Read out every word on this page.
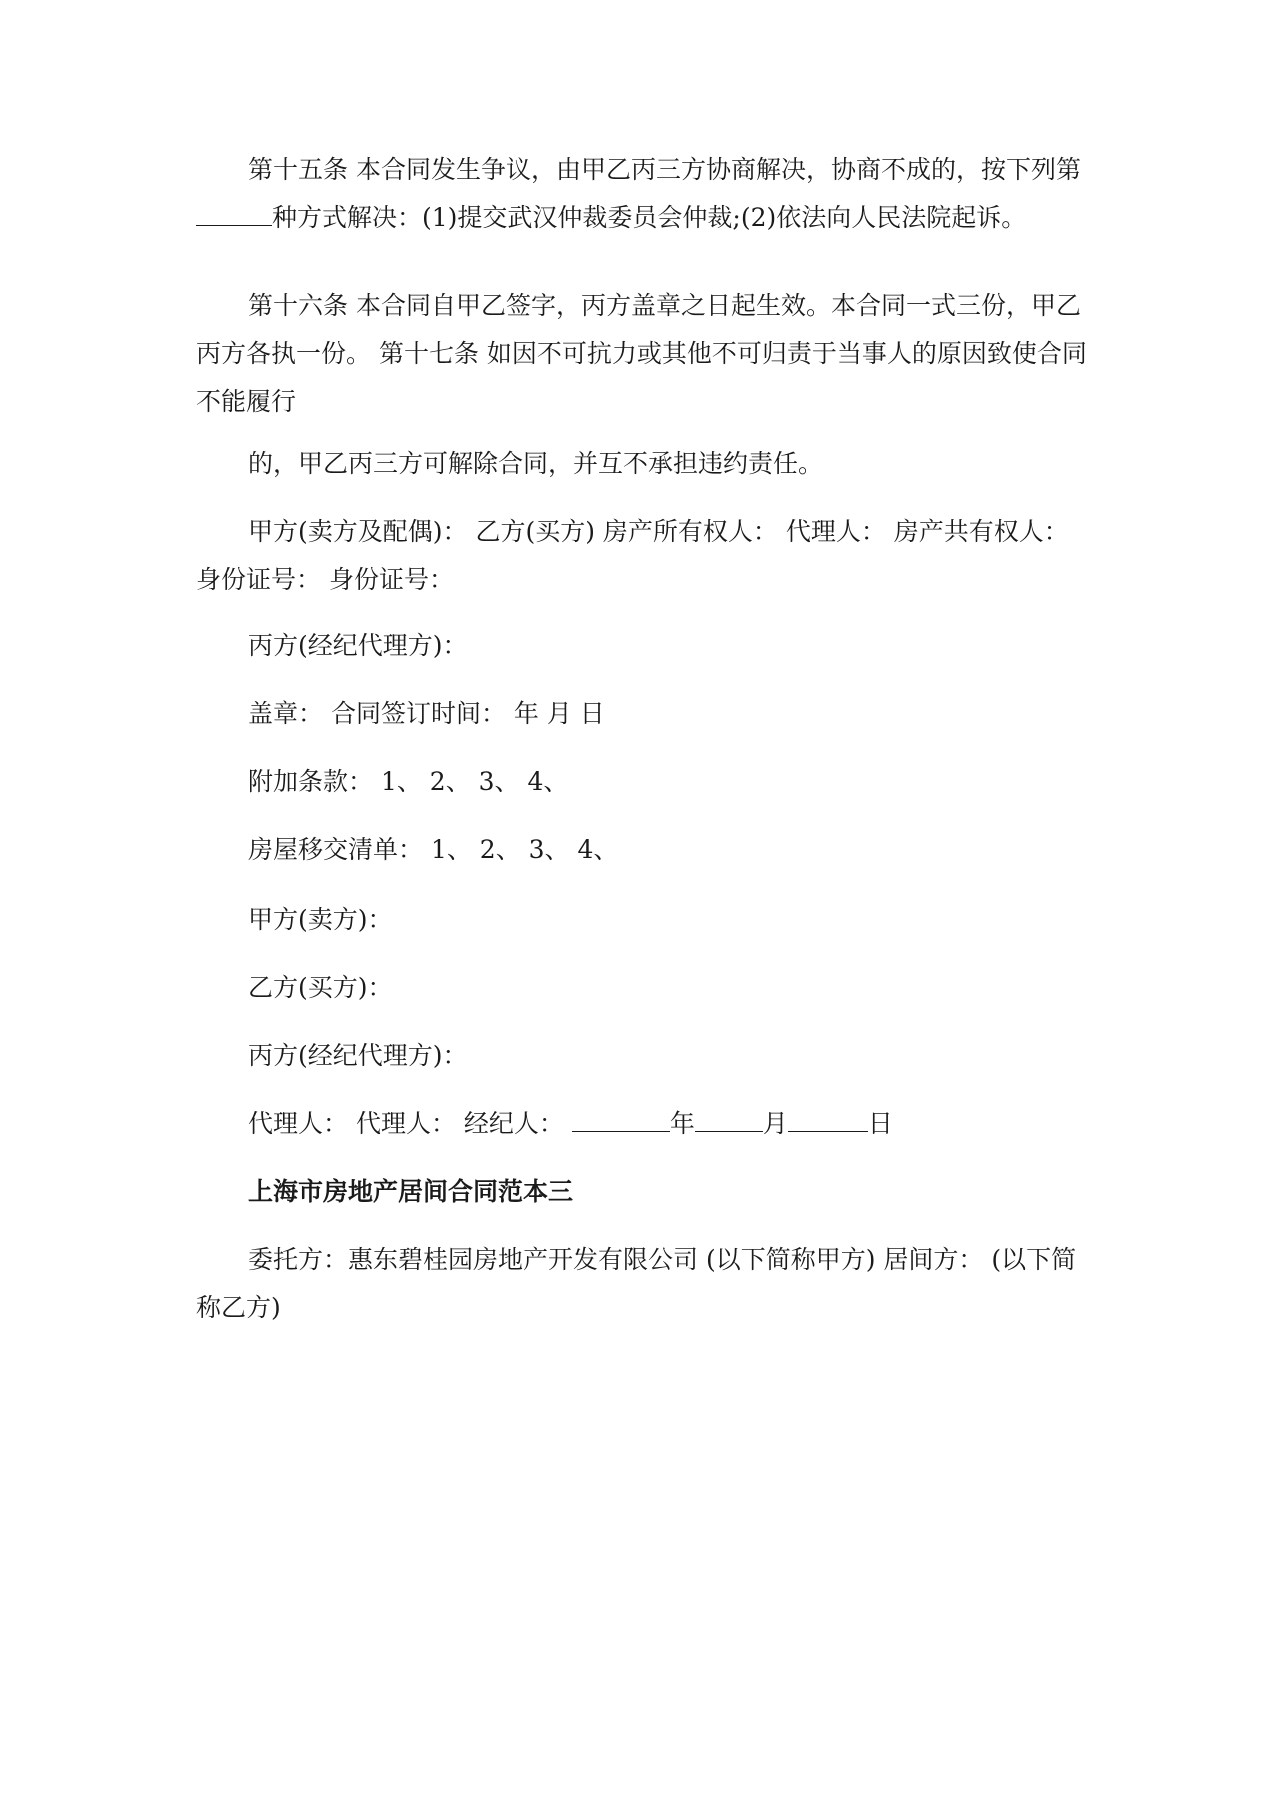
第十五条 本合同发生争议，由甲乙丙三方协商解决，协商不成的，按下列第种方式解决：(1)提交武汉仲裁委员会仲裁;(2)依法向人民法院起诉。

第十六条 本合同自甲乙签字，丙方盖章之日起生效。本合同一式三份，甲乙丙方各执一份。 第十七条 如因不可抗力或其他不可归责于当事人的原因致使合同不能履行

的，甲乙丙三方可解除合同，并互不承担违约责任。

甲方(卖方及配偶)： 乙方(买方) 房产所有权人： 代理人： 房产共有权人： 身份证号： 身份证号：

丙方(经纪代理方)：

盖章： 合同签订时间： 年 月 日

附加条款： 1、 2、 3、 4、

房屋移交清单： 1、 2、 3、 4、

甲方(卖方)：

乙方(买方)：

丙方(经纪代理方)：

代理人： 代理人： 经纪人：	年	月	日

上海市房地产居间合同范本三

委托方：惠东碧桂园房地产开发有限公司 (以下简称甲方) 居间方： (以下简称乙方)
